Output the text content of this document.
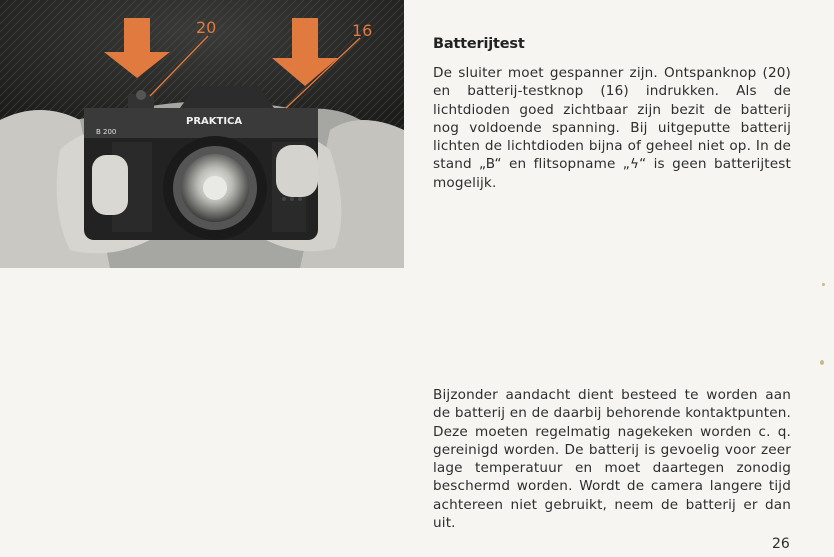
PRAKTICA
B 200
20	16
Batterijtest
De sluiter moet gespanner zijn. Ontspanknop (20) en batterij-testknop (16) indrukken. Als de lichtdioden goed zichtbaar zijn bezit de batterij nog voldoende spanning. Bij uitgeputte batterij lichten de lichtdioden bijna of geheel niet op. In de stand „B“ en flitsopname „ϟ“ is geen batterijtest mogelijk.
Bijzonder aandacht dient besteed te worden aan de batterij en de daarbij behorende kontaktpunten. Deze moeten regelmatig nagekeken worden c. q. gereinigd worden. De batterij is gevoelig voor zeer lage temperatuur en moet daartegen zonodig beschermd worden. Wordt de camera langere tijd achtereen niet gebruikt, neem de batterij er dan uit.
26
